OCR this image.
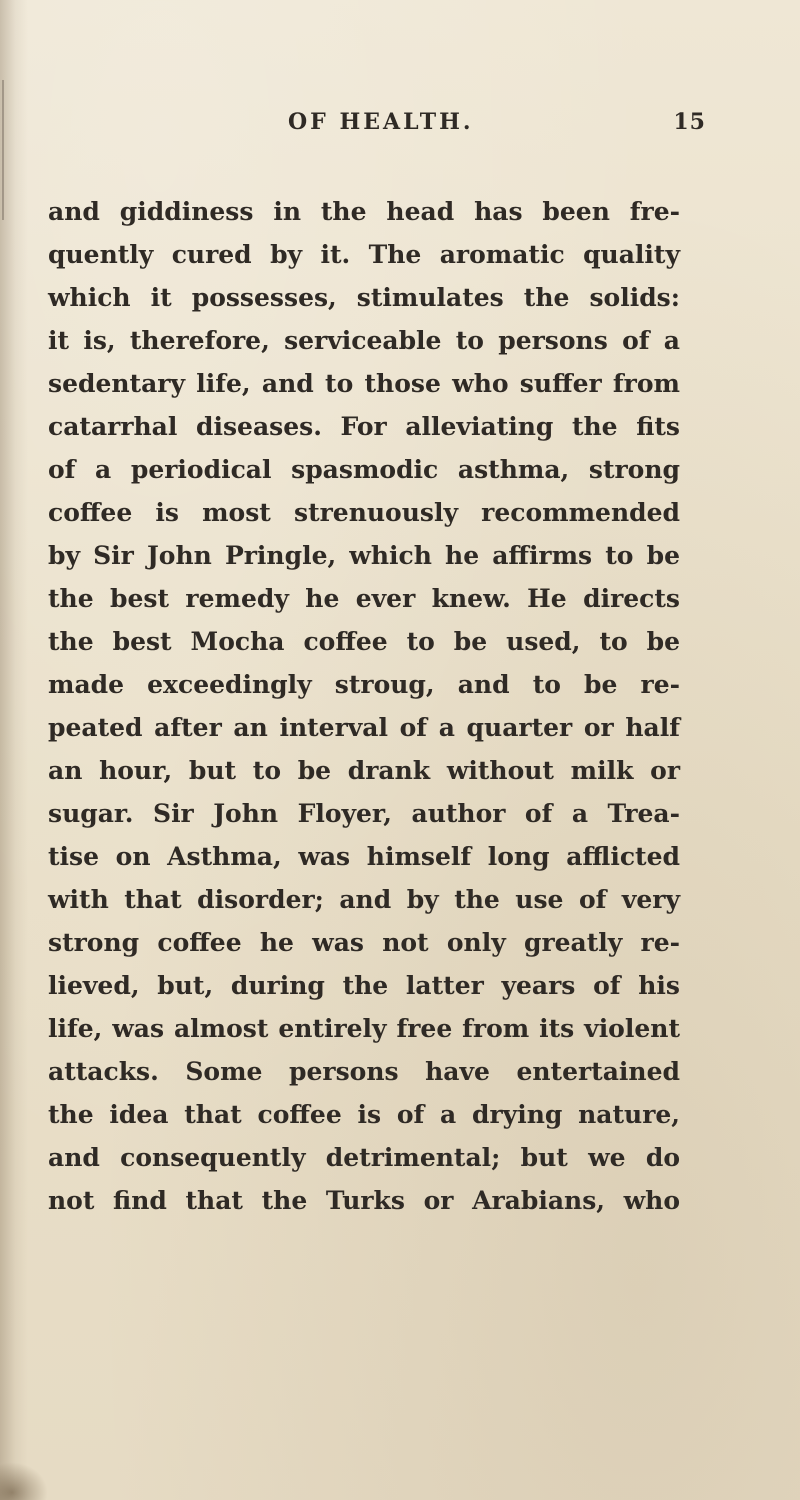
OF HEALTH.	15
and giddiness in the head has been fre-
quently cured by it. The aromatic quality
which it possesses, stimulates the solids:
it is, therefore, serviceable to persons of a
sedentary life, and to those who suffer from
catarrhal diseases. For alleviating the fits
of a periodical spasmodic asthma, strong
coffee is most strenuously recommended
by Sir John Pringle, which he affirms to be
the best remedy he ever knew. He directs
the best Mocha coffee to be used, to be
made exceedingly stroug, and to be re-
peated after an interval of a quarter or half
an hour, but to be drank without milk or
sugar. Sir John Floyer, author of a Trea-
tise on Asthma, was himself long afflicted
with that disorder; and by the use of very
strong coffee he was not only greatly re-
lieved, but, during the latter years of his
life, was almost entirely free from its violent
attacks. Some persons have entertained
the idea that coffee is of a drying nature,
and consequently detrimental; but we do
not find that the Turks or Arabians, who
